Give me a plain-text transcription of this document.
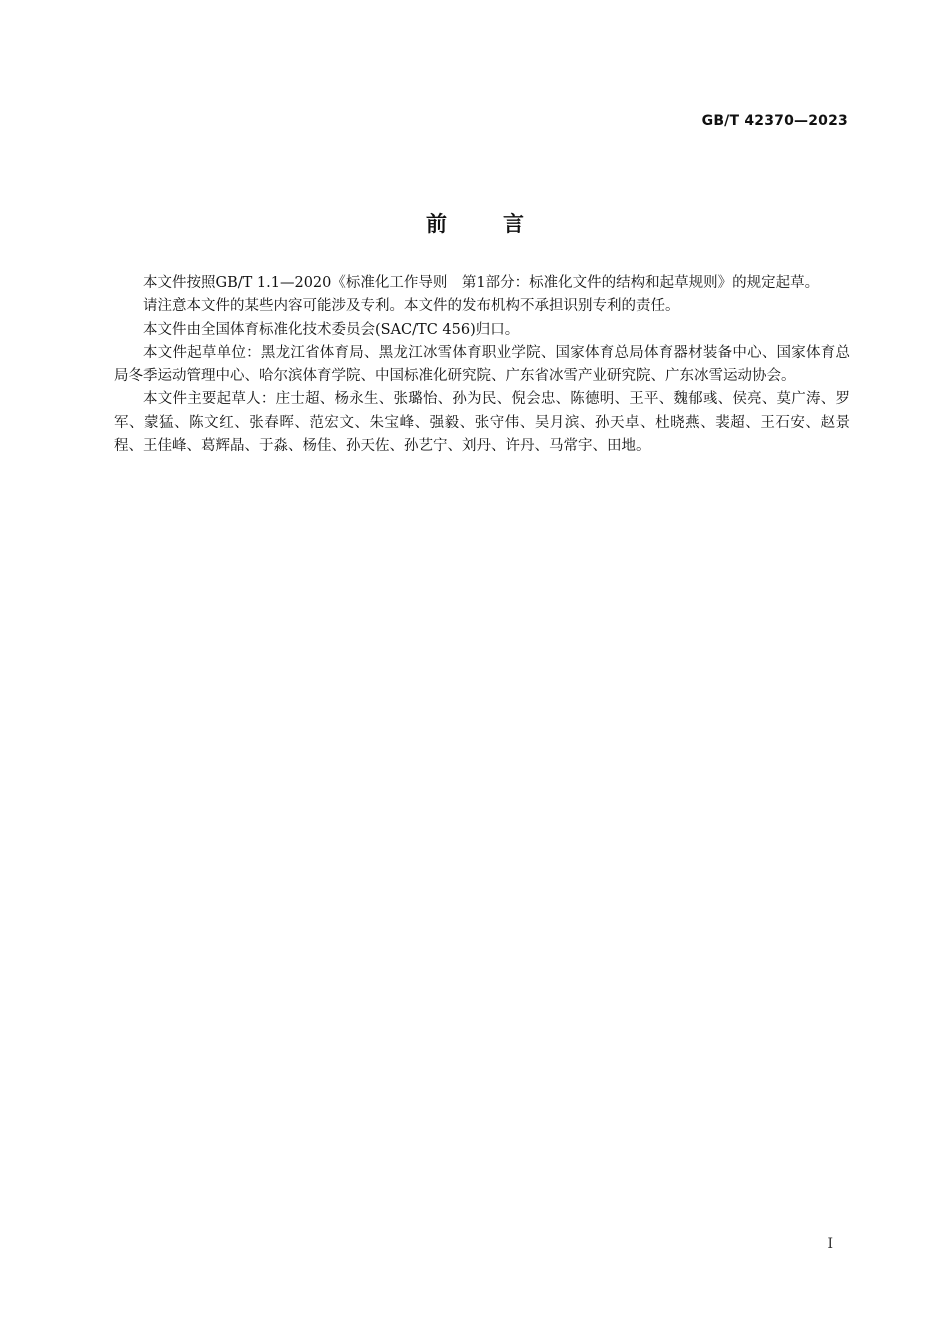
GB/T 42370—2023
前言

本文件按照GB/T 1.1—2020《标准化工作导则　第1部分：标准化文件的结构和起草规则》的规定起草。

请注意本文件的某些内容可能涉及专利。本文件的发布机构不承担识别专利的责任。

本文件由全国体育标准化技术委员会(SAC/TC 456)归口。

本文件起草单位：黑龙江省体育局、黑龙江冰雪体育职业学院、国家体育总局体育器材装备中心、国家体育总局冬季运动管理中心、哈尔滨体育学院、中国标准化研究院、广东省冰雪产业研究院、广东冰雪运动协会。

本文件主要起草人：庄士超、杨永生、张璐怡、孙为民、倪会忠、陈德明、王平、魏郁彧、侯亮、莫广涛、罗军、蒙猛、陈文红、张春晖、范宏文、朱宝峰、强毅、张守伟、吴月滨、孙天卓、杜晓燕、裴超、王石安、赵景程、王佳峰、葛辉晶、于淼、杨佳、孙天佐、孙艺宁、刘丹、许丹、马常宇、田地。

I
